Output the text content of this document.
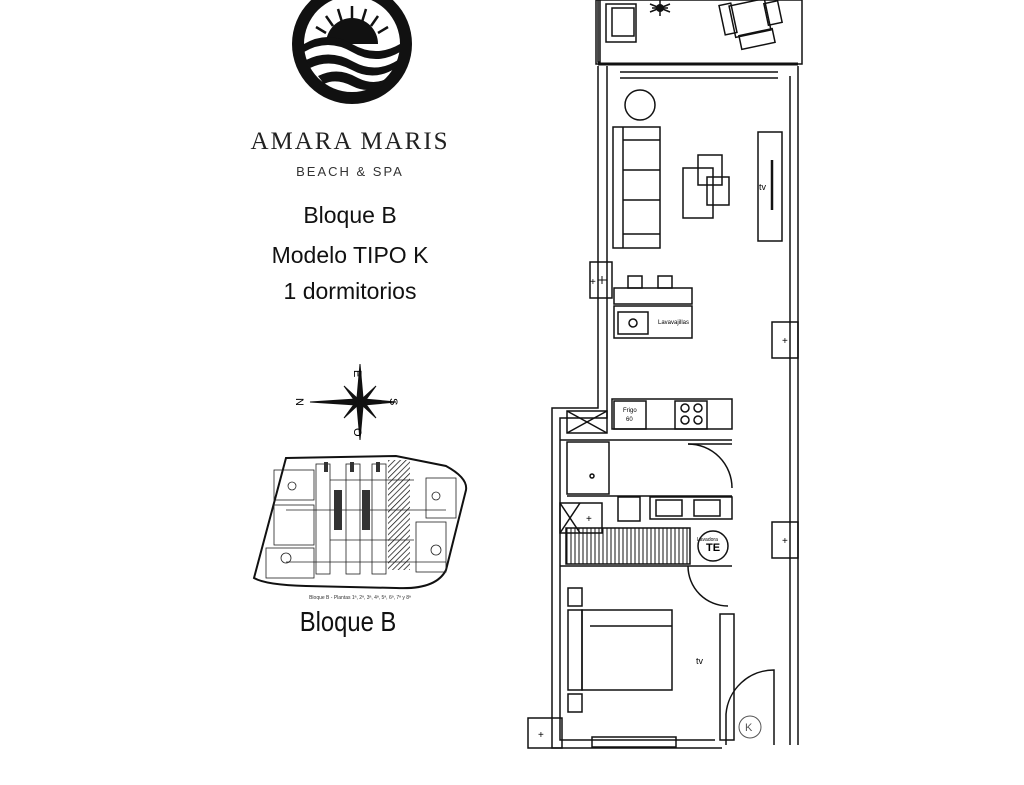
AMARA MARIS
BEACH & SPA
Bloque B
Modelo TIPO K
1 dormitorios
E
N	S
O
Bloque B - Plantas 1ª, 2ª, 3ª, 4ª, 5ª, 6ª, 7ª y 8ª
Bloque B
+
+
+
+
+
tv
Lavavajillas
Frigo 60
Lavadora
TE
tv
K
